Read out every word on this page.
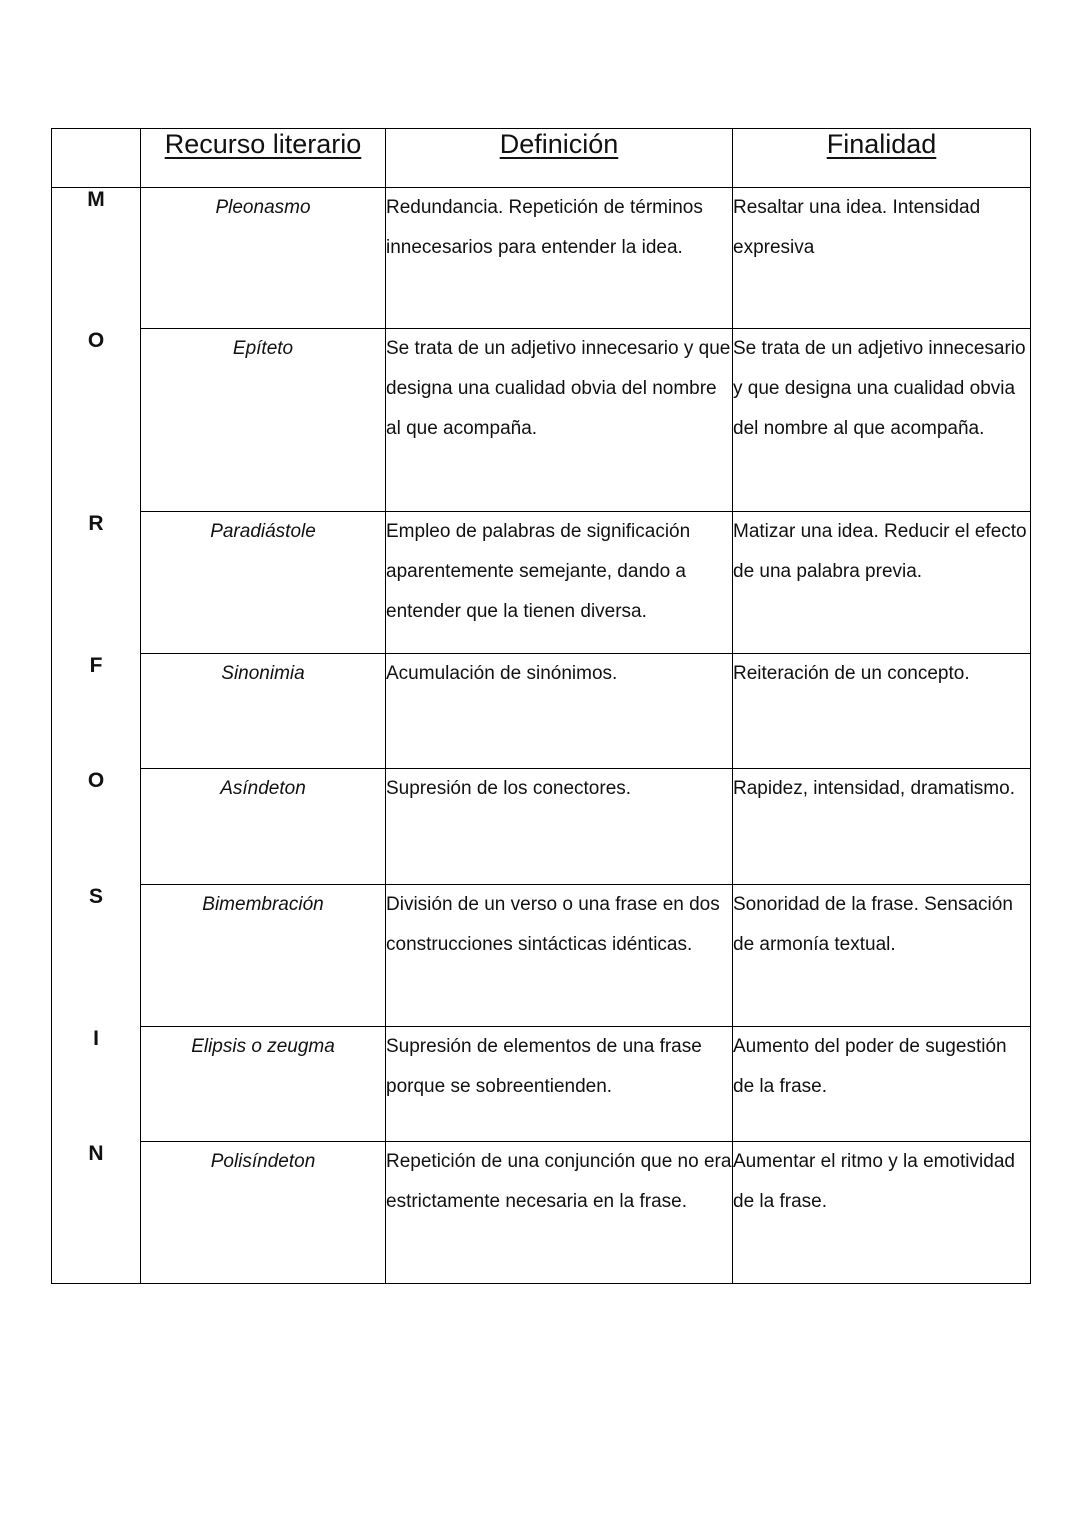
	Recurso literario	Definición	Finalidad
M	Pleonasmo	Redundancia. Repetición de términos innecesarios para entender la idea.	Resaltar una idea. Intensidad expresiva
O	Epíteto	Se trata de un adjetivo innecesario y que designa una cualidad obvia del nombre al que acompaña.	Se trata de un adjetivo innecesario y que designa una cualidad obvia del nombre al que acompaña.
R	Paradiástole	Empleo de palabras de significación aparentemente semejante, dando a entender que la tienen diversa.	Matizar una idea. Reducir el efecto de una palabra previa.
F	Sinonimia	Acumulación de sinónimos.	Reiteración de un concepto.
O	Asíndeton	Supresión de los conectores.	Rapidez, intensidad, dramatismo.
S	Bimembración	División de un verso o una frase en dos construcciones sintácticas idénticas.	Sonoridad de la frase. Sensación de armonía textual.
I	Elipsis o zeugma	Supresión de elementos de una frase porque se sobreentienden.	Aumento del poder de sugestión de la frase.
N	Polisíndeton	Repetición de una conjunción que no era estrictamente necesaria en la frase.	Aumentar el ritmo y la emotividad de la frase.
